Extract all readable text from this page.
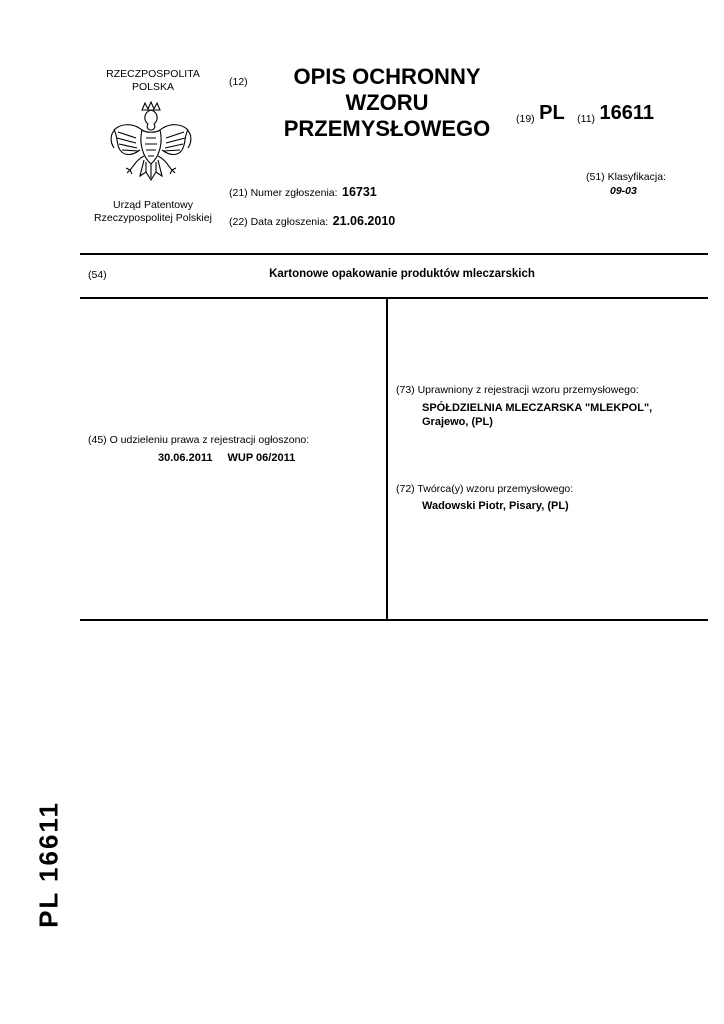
RZECZPOSPOLITA
POLSKA
Urząd Patentowy
Rzeczypospolitej Polskiej
(12)	OPIS OCHRONNY
WZORU
PRZEMYSŁOWEGO	(19) PL (11) 16611
(51) Klasyfikacja:
09-03
(21) Numer zgłoszenia: 16731
(22) Data zgłoszenia: 21.06.2010
(54)	Kartonowe opakowanie produktów mleczarskich
(45) O udzieleniu prawa z rejestracji ogłoszono:
30.06.2011 WUP 06/2011
(73) Uprawniony z rejestracji wzoru przemysłowego:
SPÓŁDZIELNIA MLECZARSKA "MLEKPOL",
Grajewo, (PL)
(72) Twórca(y) wzoru przemysłowego:
Wadowski Piotr, Pisary, (PL)
PL 16611
